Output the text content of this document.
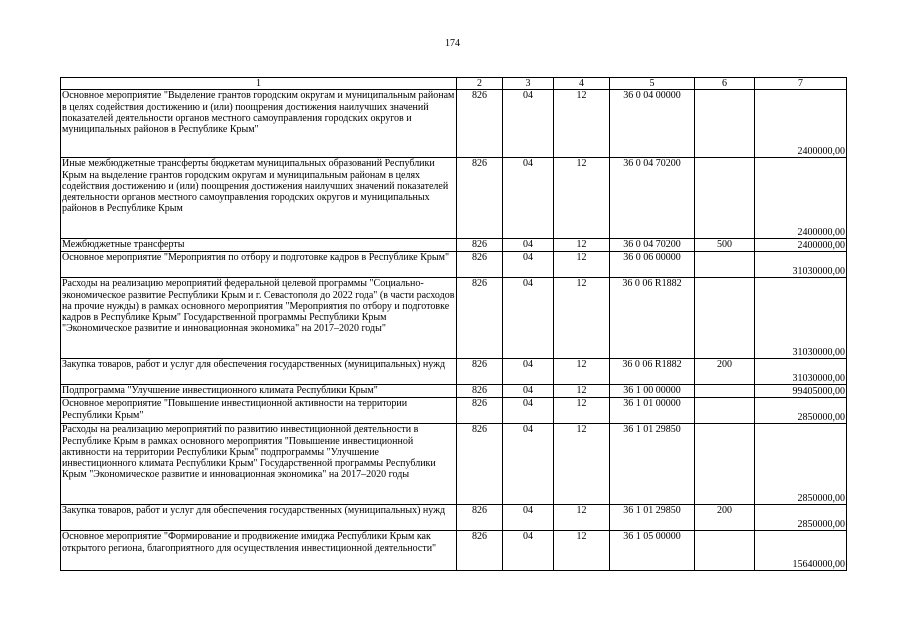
174
1	2	3	4	5	6	7
Основное мероприятие "Выделение грантов городским округам и муниципальным районам в целях содействия достижению и (или) поощрения достижения наилучших значений показателей деятельности органов местного самоуправления городских округов и муниципальных районов в Республике Крым"	826	04	12	36 0 04 00000		2400000,00
Иные межбюджетные трансферты бюджетам муниципальных образований Республики Крым на выделение грантов городским округам и муниципальным районам в целях содействия достижению и (или) поощрения достижения наилучших значений показателей деятельности органов местного самоуправления городских округов и муниципальных районов в Республике Крым	826	04	12	36 0 04 70200		2400000,00
Межбюджетные трансферты	826	04	12	36 0 04 70200	500	2400000,00
Основное мероприятие "Мероприятия по отбору и подготовке кадров в Республике Крым"	826	04	12	36 0 06 00000		31030000,00
Расходы на реализацию мероприятий федеральной целевой программы "Социально-экономическое развитие Республики Крым и г. Севастополя до 2022 года" (в части расходов на прочие нужды) в рамках основного мероприятия "Мероприятия по отбору и подготовке кадров в Республике Крым" Государственной программы Республики Крым "Экономическое развитие и инновационная экономика" на 2017–2020 годы"	826	04	12	36 0 06 R1882		31030000,00
Закупка товаров, работ и услуг для обеспечения государственных (муниципальных) нужд	826	04	12	36 0 06 R1882	200	31030000,00
Подпрограмма "Улучшение инвестиционного климата Республики Крым"	826	04	12	36 1 00 00000		99405000,00
Основное мероприятие "Повышение инвестиционной активности на территории Республики Крым"	826	04	12	36 1 01 00000		2850000,00
Расходы на реализацию мероприятий по развитию инвестиционной деятельности в Республике Крым в рамках основного мероприятия "Повышение инвестиционной активности на территории Республики Крым" подпрограммы "Улучшение инвестиционного климата Республики Крым" Государственной программы Республики Крым "Экономическое развитие и инновационная экономика" на 2017–2020 годы	826	04	12	36 1 01 29850		2850000,00
Закупка товаров, работ и услуг для обеспечения государственных (муниципальных) нужд	826	04	12	36 1 01 29850	200	2850000,00
Основное мероприятие "Формирование и продвижение имиджа Республики Крым как открытого региона, благоприятного для осуществления инвестиционной деятельности"	826	04	12	36 1 05 00000		15640000,00
